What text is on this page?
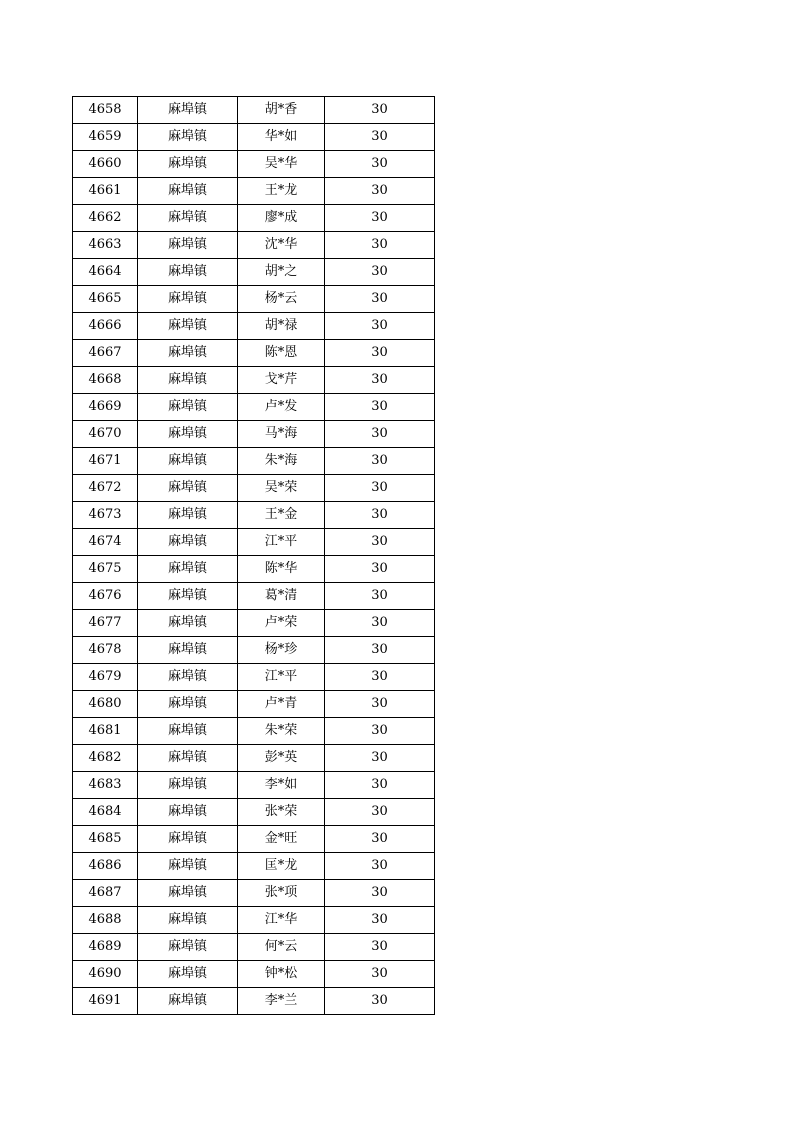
4658	麻埠镇	胡*香	30
4659	麻埠镇	华*如	30
4660	麻埠镇	吴*华	30
4661	麻埠镇	王*龙	30
4662	麻埠镇	廖*成	30
4663	麻埠镇	沈*华	30
4664	麻埠镇	胡*之	30
4665	麻埠镇	杨*云	30
4666	麻埠镇	胡*禄	30
4667	麻埠镇	陈*恩	30
4668	麻埠镇	戈*芹	30
4669	麻埠镇	卢*发	30
4670	麻埠镇	马*海	30
4671	麻埠镇	朱*海	30
4672	麻埠镇	吴*荣	30
4673	麻埠镇	王*金	30
4674	麻埠镇	江*平	30
4675	麻埠镇	陈*华	30
4676	麻埠镇	葛*清	30
4677	麻埠镇	卢*荣	30
4678	麻埠镇	杨*珍	30
4679	麻埠镇	江*平	30
4680	麻埠镇	卢*青	30
4681	麻埠镇	朱*荣	30
4682	麻埠镇	彭*英	30
4683	麻埠镇	李*如	30
4684	麻埠镇	张*荣	30
4685	麻埠镇	金*旺	30
4686	麻埠镇	匡*龙	30
4687	麻埠镇	张*项	30
4688	麻埠镇	江*华	30
4689	麻埠镇	何*云	30
4690	麻埠镇	钟*松	30
4691	麻埠镇	李*兰	30
